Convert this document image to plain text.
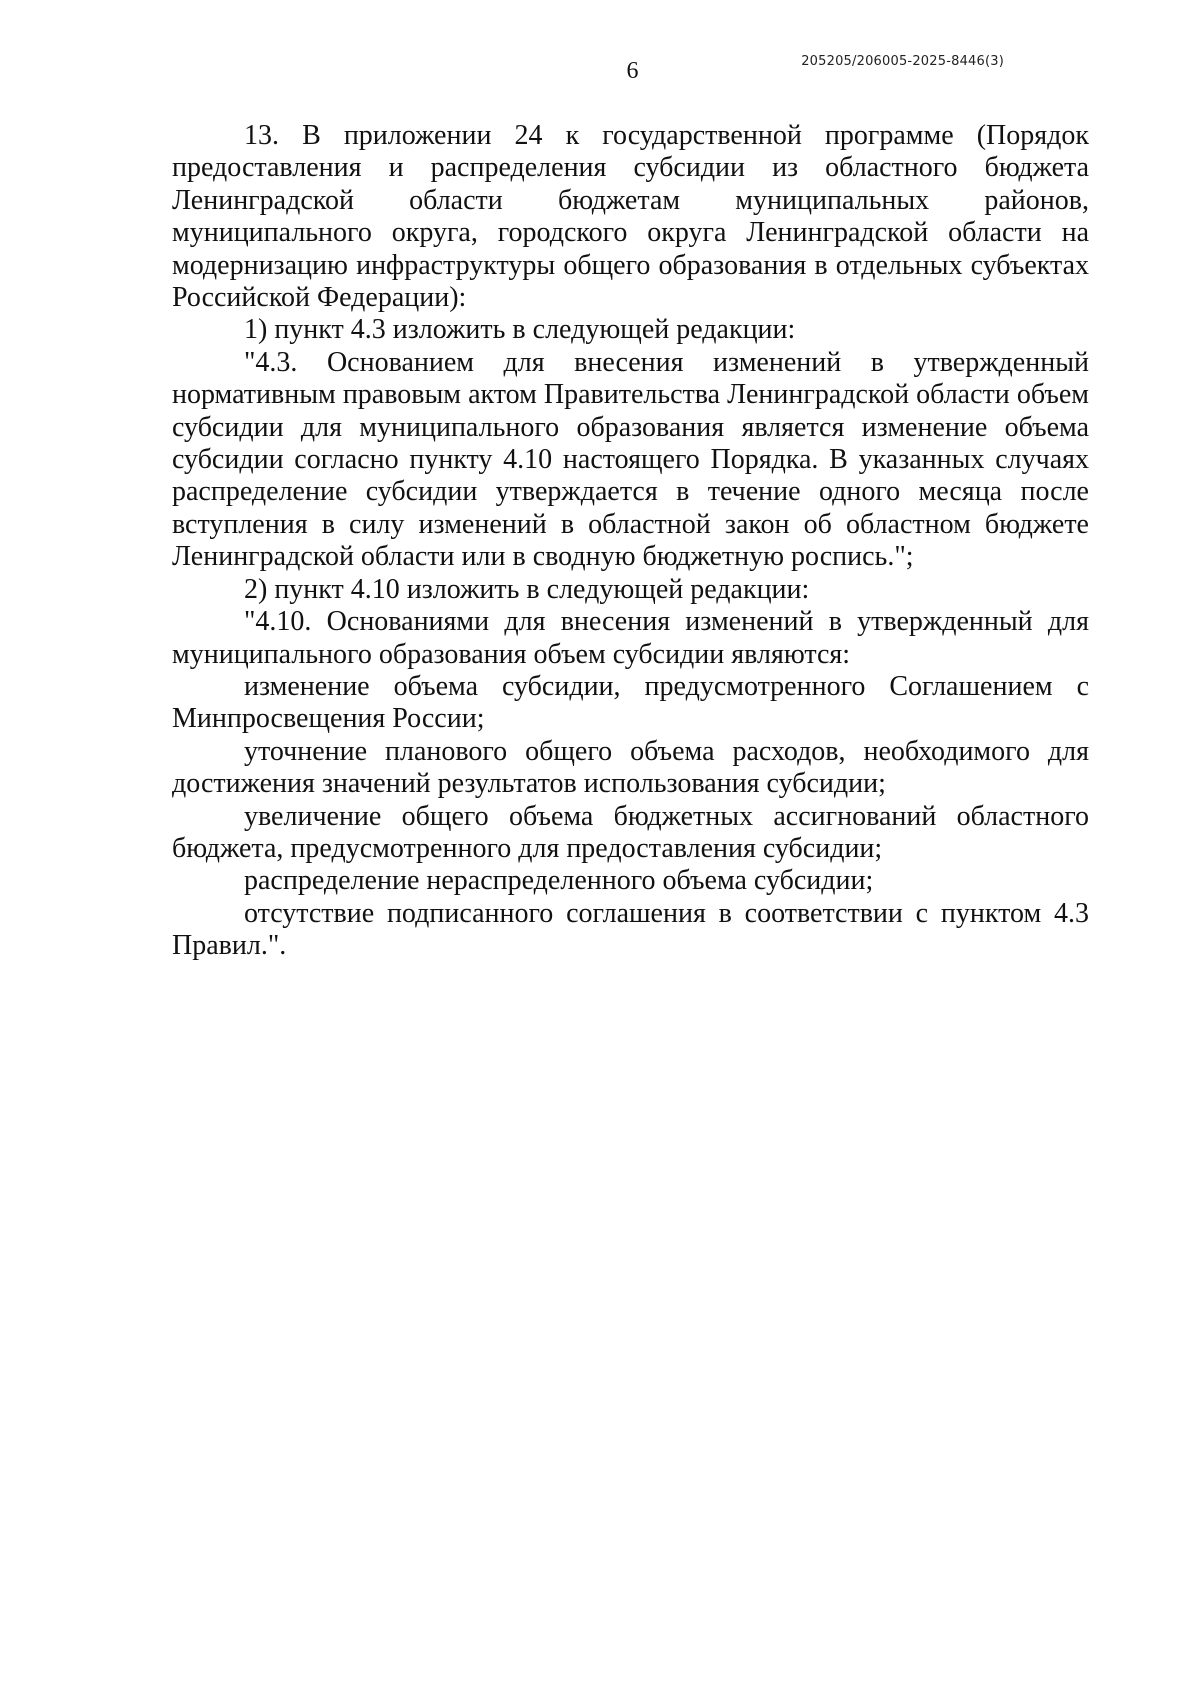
205205/206005-2025-8446(3)
6

13. В приложении 24 к государственной программе (Порядок предоставления и распределения субсидии из областного бюджета Ленинградской области бюджетам муниципальных районов, муниципального округа, городского округа Ленинградской области на модернизацию инфраструктуры общего образования в отдельных субъектах Российской Федерации):

1) пункт 4.3 изложить в следующей редакции:

"4.3. Основанием для внесения изменений в утвержденный нормативным правовым актом Правительства Ленинградской области объем субсидии для муниципального образования является изменение объема субсидии согласно пункту 4.10 настоящего Порядка. В указанных случаях распределение субсидии утверждается в течение одного месяца после вступления в силу изменений в областной закон об областном бюджете Ленинградской области или в сводную бюджетную роспись.";

2) пункт 4.10 изложить в следующей редакции:

"4.10. Основаниями для внесения изменений в утвержденный для муниципального образования объем субсидии являются:

изменение объема субсидии, предусмотренного Соглашением с Минпросвещения России;

уточнение планового общего объема расходов, необходимого для достижения значений результатов использования субсидии;

увеличение общего объема бюджетных ассигнований областного бюджета, предусмотренного для предоставления субсидии;

распределение нераспределенного объема субсидии;

отсутствие подписанного соглашения в соответствии с пунктом 4.3 Правил.".
